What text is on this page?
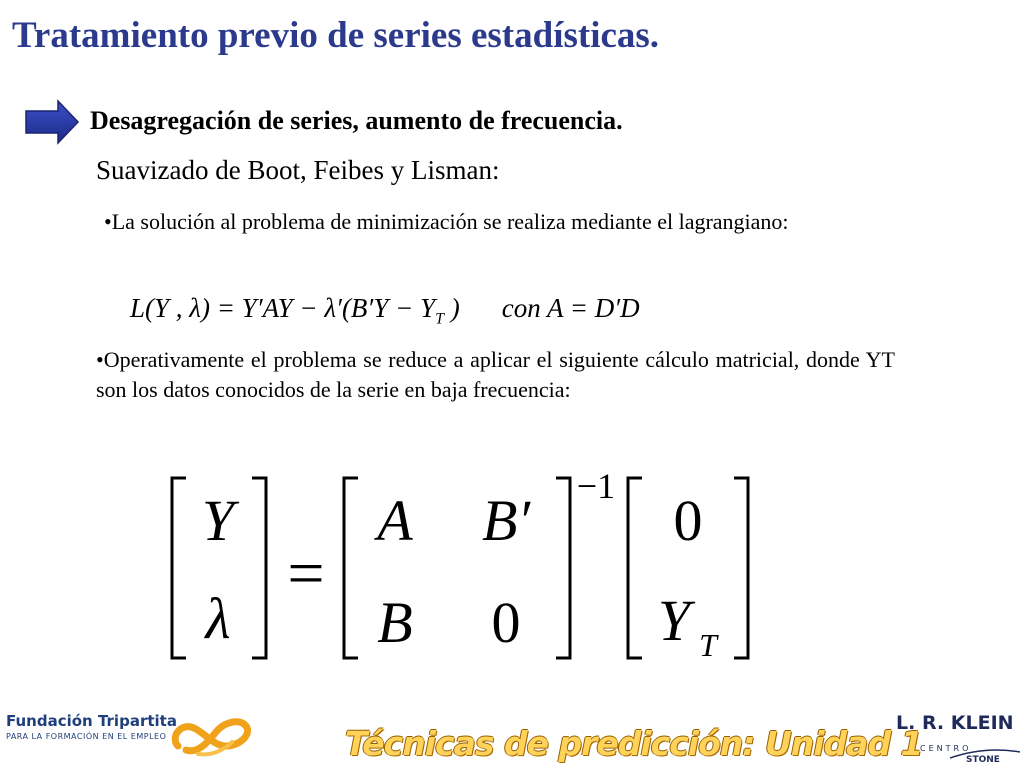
Tratamiento previo de series estadísticas.
Desagregación de series, aumento de frecuencia.
Suavizado de Boot, Feibes y Lisman:
•La solución al problema de minimización se realiza mediante el lagrangiano:
L(Y , $\lambda) = Y'AY - \lambda'(B'Y - Y_T$ ) con A = D′D
•Operativamente el problema se reduce a aplicar el siguiente cálculo matricial, donde YT son los datos conocidos de la serie en baja frecuencia:
Y
λ
=
A B′
B 0
−1
0
Y T
Fundación Tripartita
PARA LA FORMACIÓN EN EL EMPLEO	Técnicas de predicción: Unidad 1
L. R. KLEIN
CENTRO
STONE
